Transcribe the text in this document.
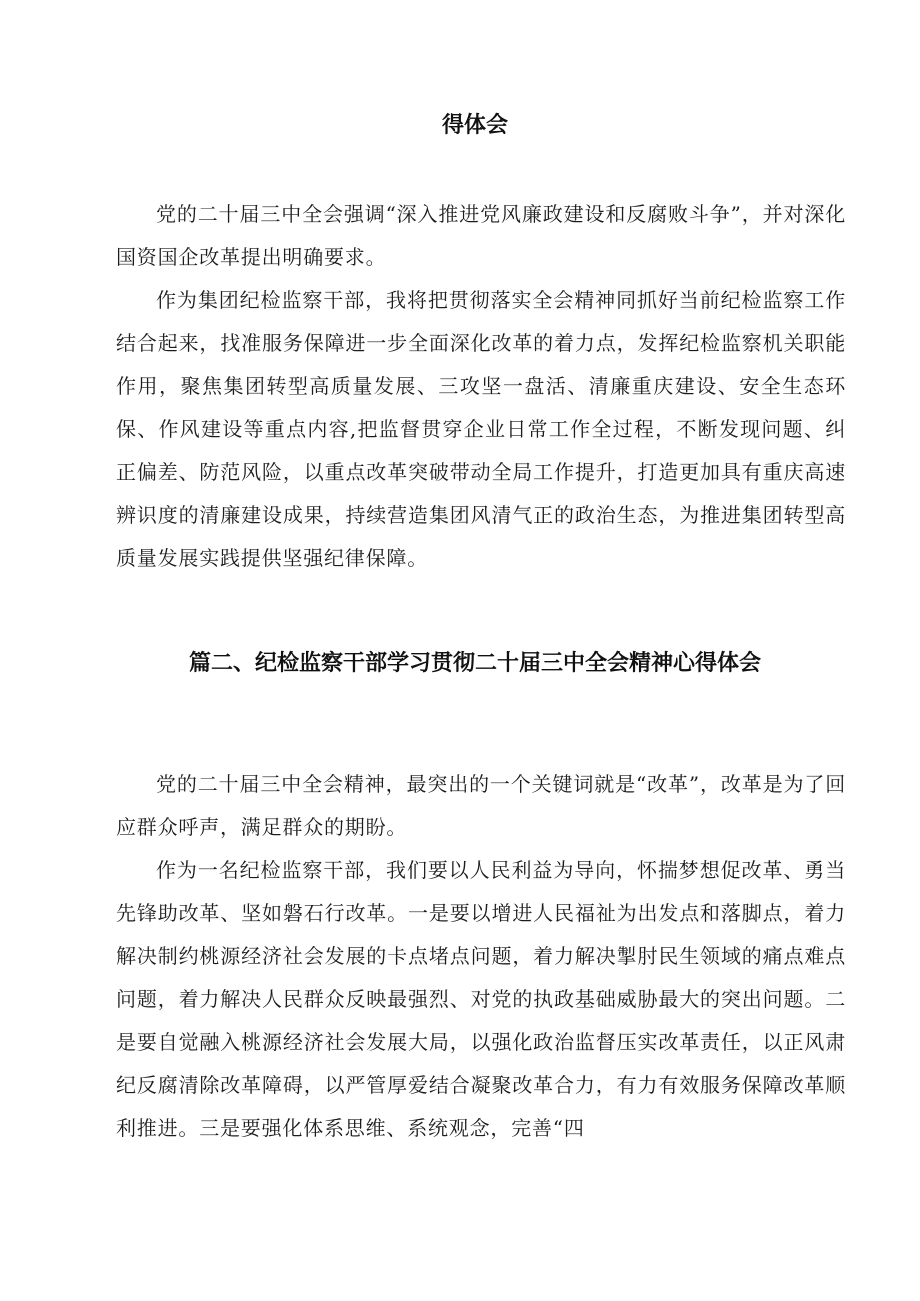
得体会

党的二十届三中全会强调“深入推进党风廉政建设和反腐败斗争”，并对深化国资国企改革提出明确要求。

作为集团纪检监察干部，我将把贯彻落实全会精神同抓好当前纪检监察工作结合起来，找准服务保障进一步全面深化改革的着力点，发挥纪检监察机关职能作用，聚焦集团转型高质量发展、三攻坚一盘活、清廉重庆建设、安全生态环保、作风建设等重点内容,把监督贯穿企业日常工作全过程，不断发现问题、纠正偏差、防范风险，以重点改革突破带动全局工作提升，打造更加具有重庆高速辨识度的清廉建设成果，持续营造集团风清气正的政治生态，为推进集团转型高质量发展实践提供坚强纪律保障。

篇二、纪检监察干部学习贯彻二十届三中全会精神心得体会

党的二十届三中全会精神，最突出的一个关键词就是“改革”，改革是为了回应群众呼声，满足群众的期盼。

作为一名纪检监察干部，我们要以人民利益为导向，怀揣梦想促改革、勇当先锋助改革、坚如磐石行改革。一是要以增进人民福祉为出发点和落脚点，着力解决制约桃源经济社会发展的卡点堵点问题，着力解决掣肘民生领域的痛点难点问题，着力解决人民群众反映最强烈、对党的执政基础威胁最大的突出问题。二是要自觉融入桃源经济社会发展大局，以强化政治监督压实改革责任，以正风肃纪反腐清除改革障碍，以严管厚爱结合凝聚改革合力，有力有效服务保障改革顺利推进。三是要强化体系思维、系统观念，完善“四
